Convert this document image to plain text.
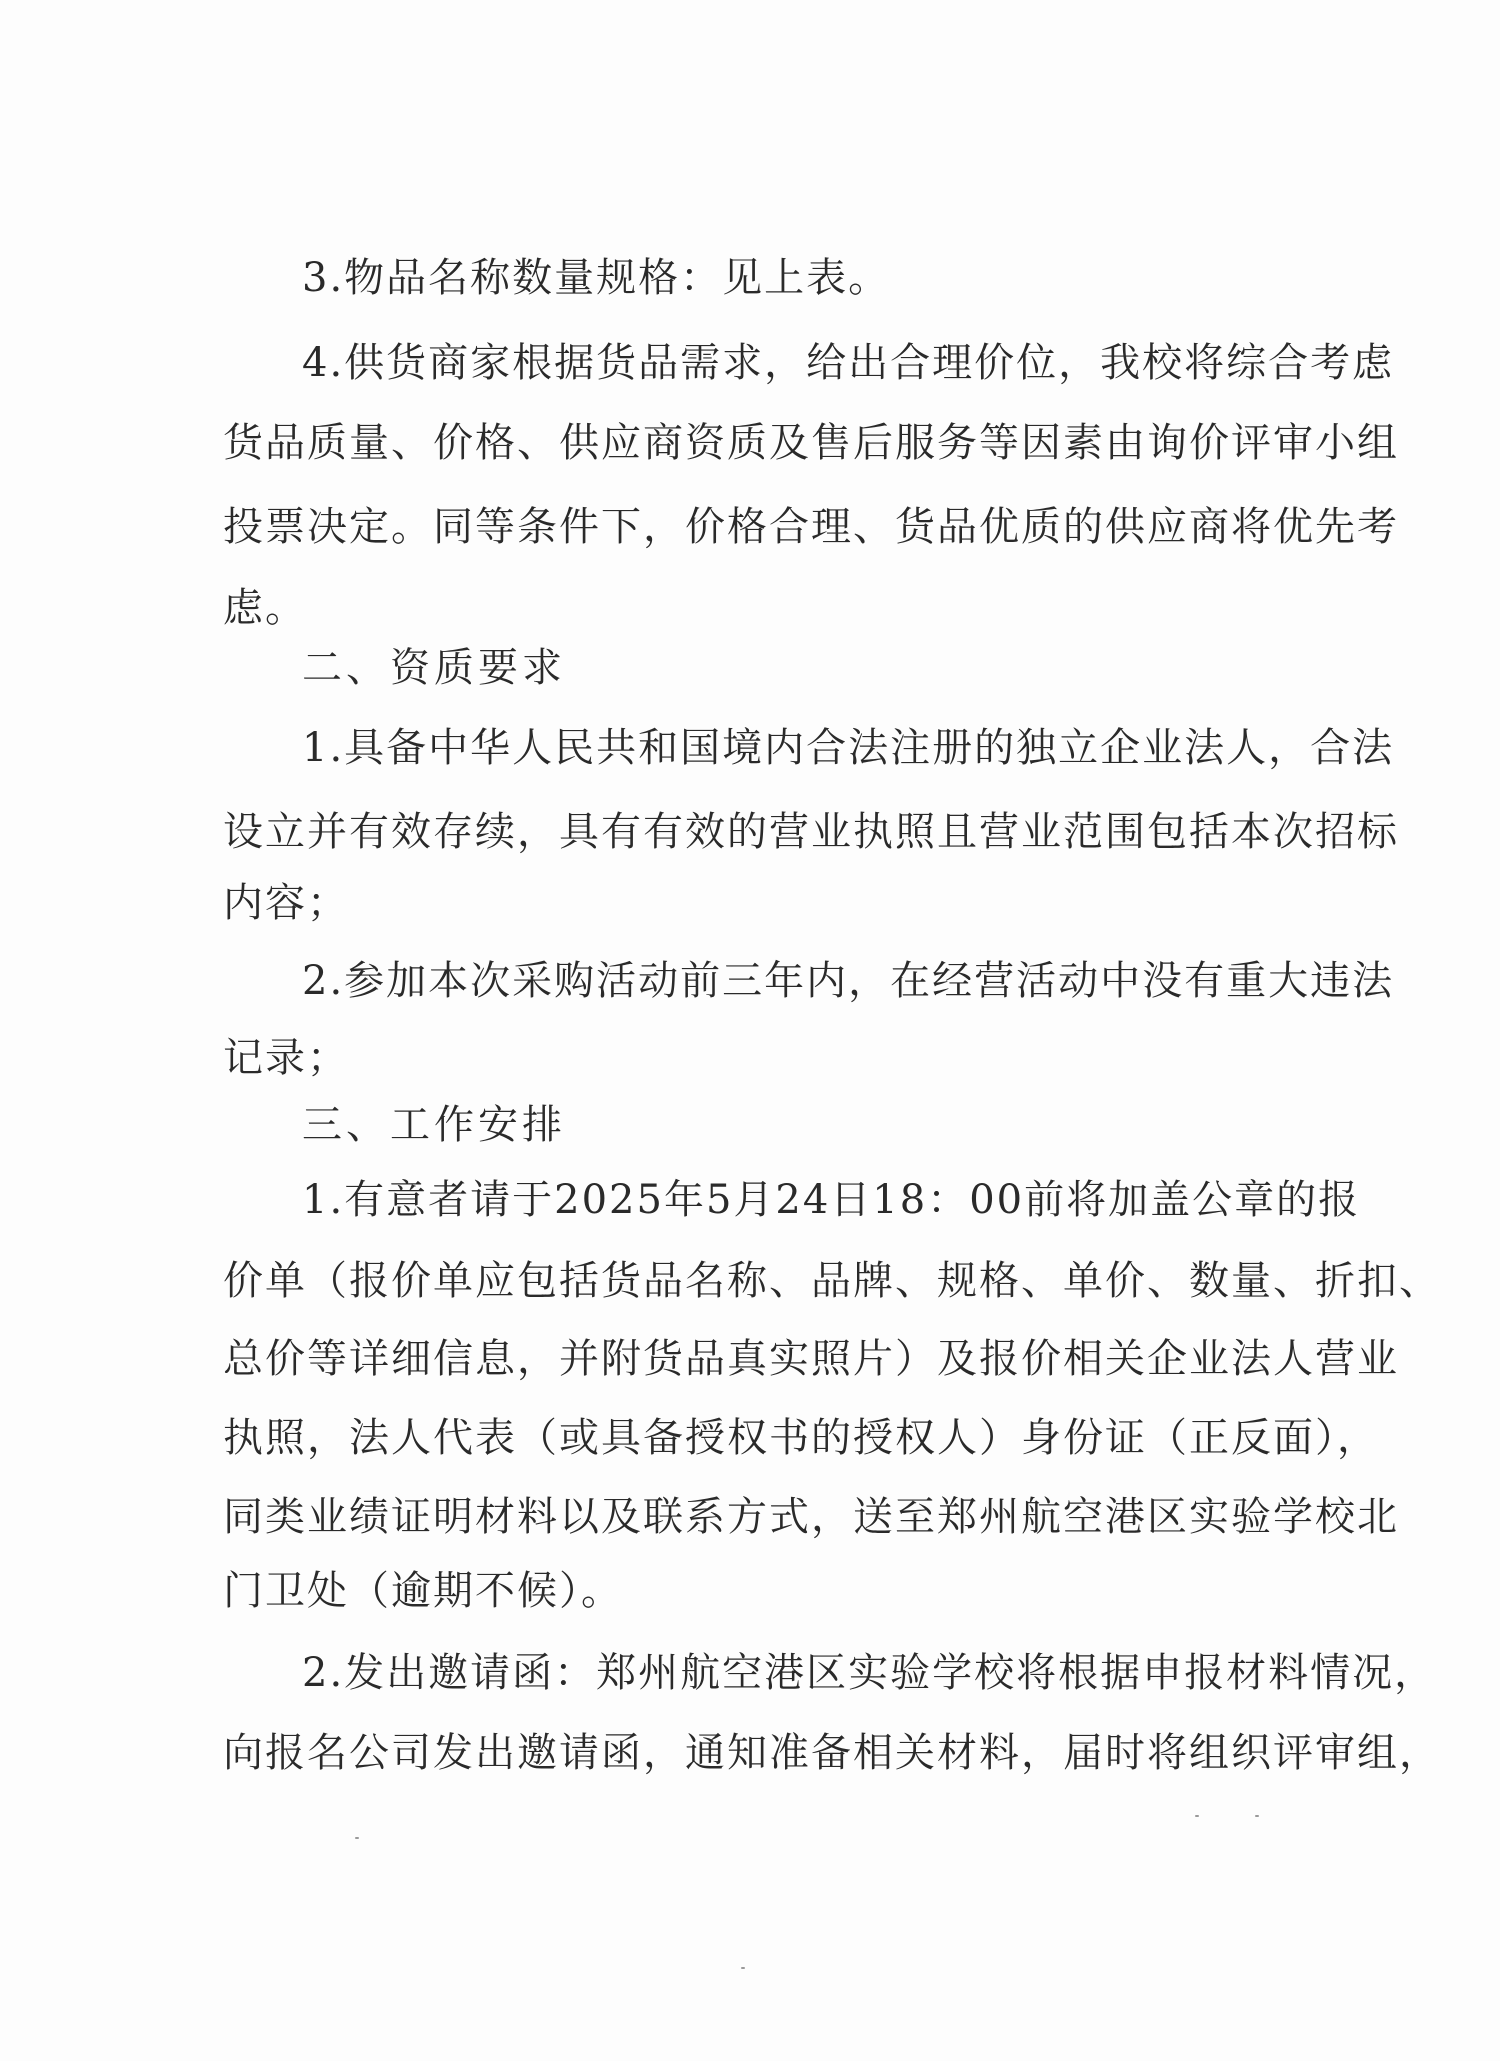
3.物品名称数量规格：见上表。
4.供货商家根据货品需求，给出合理价位，我校将综合考虑
货品质量、价格、供应商资质及售后服务等因素由询价评审小组
投票决定。同等条件下，价格合理、货品优质的供应商将优先考
虑。
二、资质要求
1.具备中华人民共和国境内合法注册的独立企业法人，合法
设立并有效存续，具有有效的营业执照且营业范围包括本次招标
内容；
2.参加本次采购活动前三年内，在经营活动中没有重大违法
记录；
三、工作安排
1.有意者请于2025年5月24日18：00前将加盖公章的报
价单（报价单应包括货品名称、品牌、规格、单价、数量、折扣、
总价等详细信息，并附货品真实照片）及报价相关企业法人营业
执照，法人代表（或具备授权书的授权人）身份证（正反面），
同类业绩证明材料以及联系方式，送至郑州航空港区实验学校北
门卫处（逾期不候）。
2.发出邀请函：郑州航空港区实验学校将根据申报材料情况，
向报名公司发出邀请函，通知准备相关材料，届时将组织评审组，
